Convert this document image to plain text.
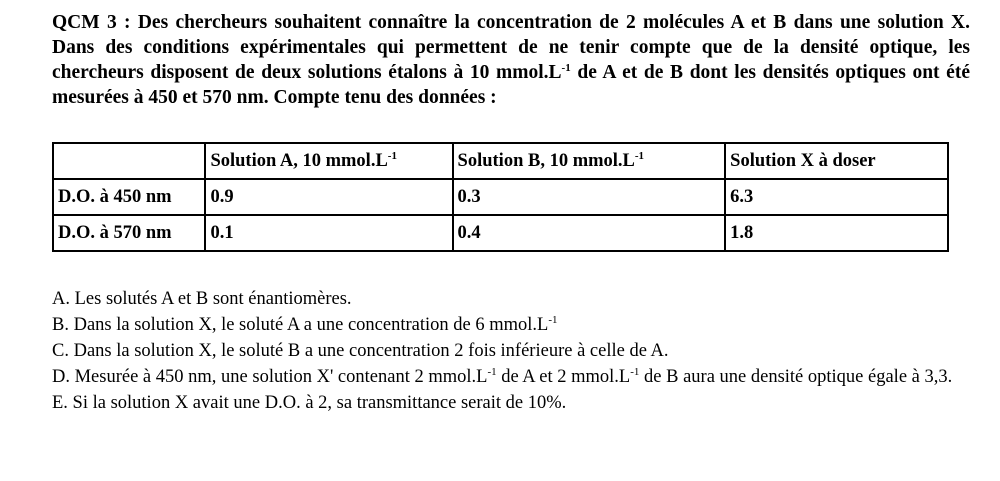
QCM 3 : Des chercheurs souhaitent connaître la concentration de 2 molécules A et B dans une solution X. Dans des conditions expérimentales qui permettent de ne tenir compte que de la densité optique, les chercheurs disposent de deux solutions étalons à 10 $mmol.L^{-1}$ de A et de B dont les densités optiques ont été mesurées à 450 et 570 nm. Compte tenu des données :
	Solution A, 10 $mmol.L^{-1}$	Solution B, 10 $mmol.L^{-1}$	Solution X à doser
D.O. à 450 nm	0.9	0.3	6.3
D.O. à 570 nm	0.1	0.4	1.8

A. Les solutés A et B sont énantiomères.

B. Dans la solution X, le soluté A a une concentration de 6 $mmol.L^{-1}$

C. Dans la solution X, le soluté B a une concentration 2 fois inférieure à celle de A.

D. Mesurée à 450 nm, une solution X' contenant 2 $mmol.L^{-1}$ de A et 2 $mmol.L^{-1}$ de B aura une densité optique égale à 3,3.

E. Si la solution X avait une D.O. à 2, sa transmittance serait de 10%.
